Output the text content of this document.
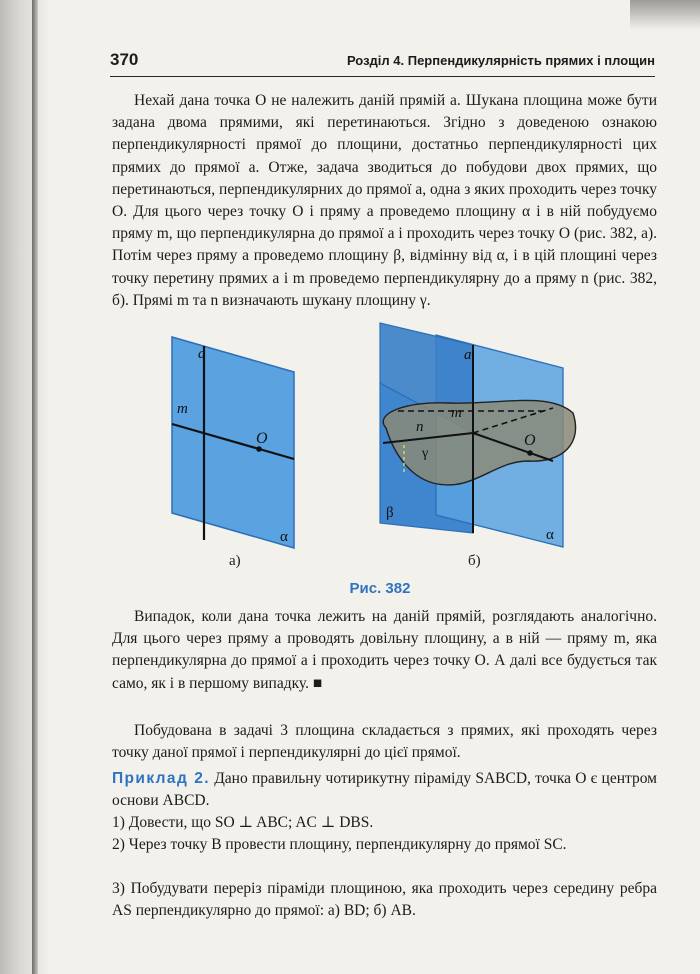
370	Розділ 4. Перпендикулярність прямих і площин

Нехай дана точка O не належить даній прямій a. Шукана площина може бути задана двома прямими, які перетинаються. Згідно з доведеною ознакою перпендикулярності прямої до площини, достатньо перпендикулярності цих прямих до прямої a. Отже, задача зводиться до побудови двох прямих, що перетинаються, перпендикулярних до прямої a, одна з яких проходить через точку O. Для цього через точку O і пряму a проведемо площину α і в ній побудуємо пряму m, що перпендикулярна до прямої a і проходить через точку O (рис. 382, а). Потім через пряму a проведемо площину β, відмінну від α, і в цій площині через точку перетину прямих a і m проведемо перпендикулярну до a пряму n (рис. 382, б). Прямі m та n визначають шукану площину γ.

a
m
O
α
а)
a
m
n
O
γ
β
α
б)
Рис. 382

Випадок, коли дана точка лежить на даній прямій, розглядають аналогічно. Для цього через пряму a проводять довільну площину, а в ній — пряму m, яка перпендикулярна до прямої a і проходить через точку O. А далі все будується так само, як і в першому випадку. ■

Побудована в задачі 3 площина складається з прямих, які проходять через точку даної прямої і перпендикулярні до цієї прямої.

Приклад 2. Дано правильну чотирикутну піраміду SABCD, точка O є центром основи ABCD.

1) Довести, що SO ⊥ ABC; AC ⊥ DBS.

2) Через точку B провести площину, перпендикулярну до прямої SC.

3) Побудувати переріз піраміди площиною, яка проходить через середину ребра AS перпендикулярно до прямої: а) BD; б) AB.
